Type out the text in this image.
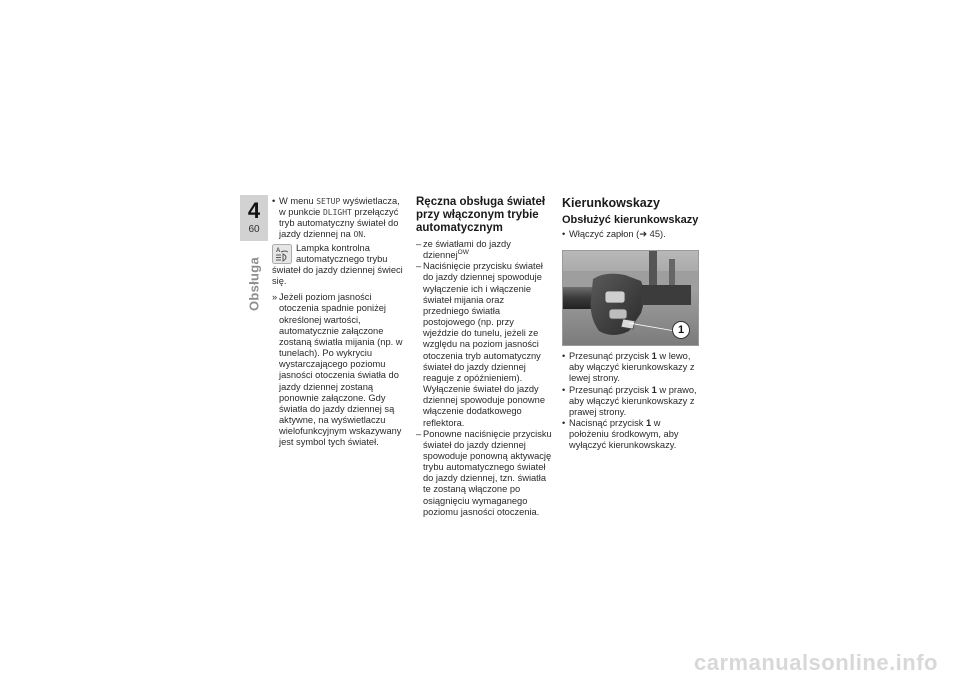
4
60
Obsługa
• W menu SETUP wyświetlacza, w punkcie DLIGHT przełączyć tryb automatyczny świateł do jazdy dziennej na ON.
A Lampka kontrolna automatycznego trybu świateł do jazdy dziennej świeci się.
» Jeżeli poziom jasności otoczenia spadnie poniżej określonej wartości, automatycznie załączone zostaną światła mijania (np. w tunelach). Po wykryciu wystarczającego poziomu jasności otoczenia światła do jazdy dziennej zostaną ponownie załączone. Gdy światła do jazdy dziennej są aktywne, na wyświetlaczu wielofunkcyjnym wskazywany jest symbol tych świateł.
Ręczna obsługa świateł przy włączonym trybie automatycznym
– ze światłami do jazdy dziennej$^{OW}$
– Naciśnięcie przycisku świateł do jazdy dziennej spowoduje wyłączenie ich i włączenie świateł mijania oraz przedniego światła postojowego (np. przy wjeździe do tunelu, jeżeli ze względu na poziom jasności otoczenia tryb automatyczny świateł do jazdy dziennej reaguje z opóźnieniem). Wyłączenie świateł do jazdy dziennej spowoduje ponowne włączenie dodatkowego reflektora.
– Ponowne naciśnięcie przycisku świateł do jazdy dziennej spowoduje ponowną aktywację trybu automatycznego świateł do jazdy dziennej, tzn. światła te zostaną włączone po osiągnięciu wymaganego poziomu jasności otoczenia.
Kierunkowskazy
Obsłużyć kierunkowskazy
• Włączyć zapłon (➜ 45).
1
• Przesunąć przycisk 1 w lewo, aby włączyć kierunkowskazy z lewej strony.
• Przesunąć przycisk 1 w prawo, aby włączyć kierunkowskazy z prawej strony.
• Nacisnąć przycisk 1 w położeniu środkowym, aby wyłączyć kierunkowskazy.
carmanualsonline.info
